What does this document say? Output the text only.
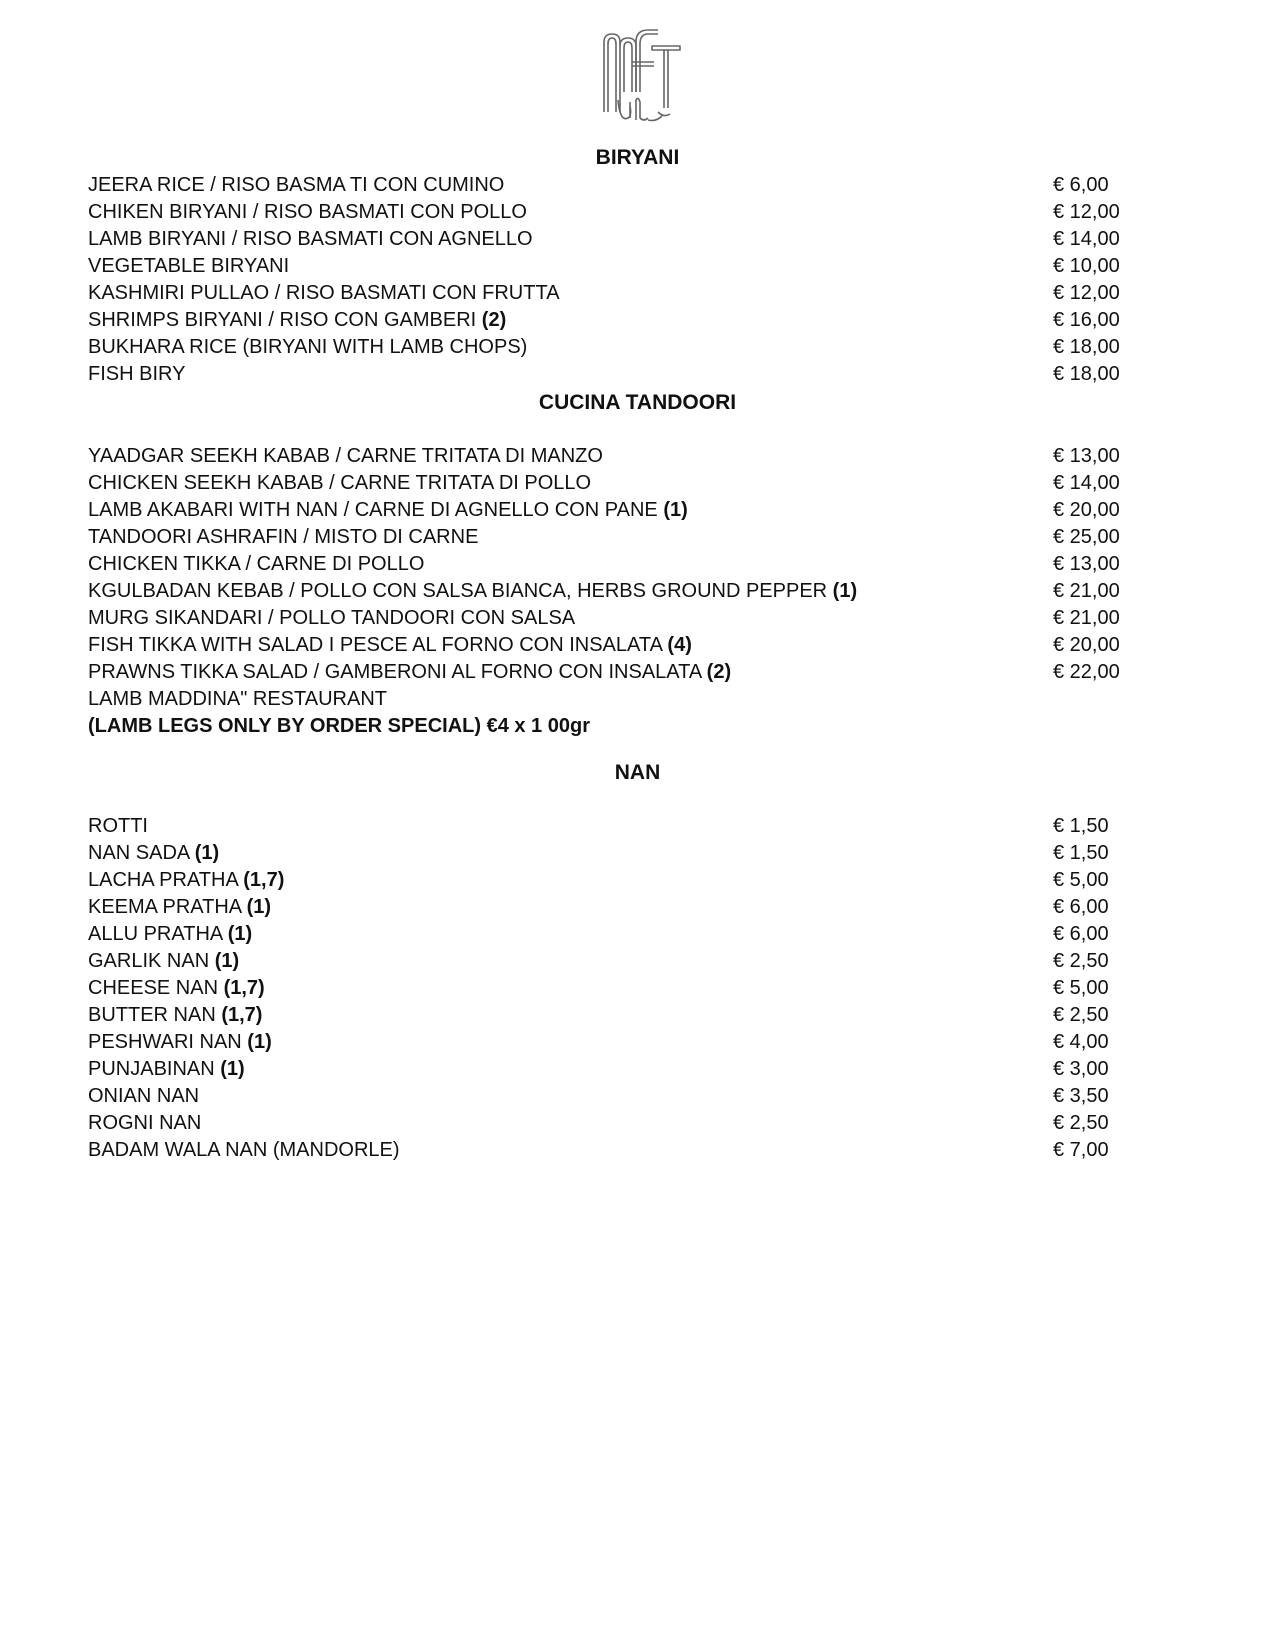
BIRYANI
JEERA RICE / RISO BASMA TI CON CUMINO	€ 6,00
CHIKEN BIRYANI / RISO BASMATI CON POLLO	€ 12,00
LAMB BIRYANI / RISO BASMATI CON AGNELLO	€ 14,00
VEGETABLE BIRYANI	€ 10,00
KASHMIRI PULLAO / RISO BASMATI CON FRUTTA	€ 12,00
SHRIMPS BIRYANI / RISO CON GAMBERI (2)	€ 16,00
BUKHARA RICE (BIRYANI WITH LAMB CHOPS)	€ 18,00
FISH BIRY	€ 18,00
CUCINA TANDOORI
YAADGAR SEEKH KABAB / CARNE TRITATA DI MANZO	€ 13,00
CHICKEN SEEKH KABAB / CARNE TRITATA DI POLLO	€ 14,00
LAMB AKABARI WITH NAN / CARNE DI AGNELLO CON PANE (1)	€ 20,00
TANDOORI ASHRAFIN / MISTO DI CARNE	€ 25,00
CHICKEN TIKKA / CARNE DI POLLO	€ 13,00
KGULBADAN KEBAB / POLLO CON SALSA BIANCA, HERBS GROUND PEPPER (1)	€ 21,00
MURG SIKANDARI / POLLO TANDOORI CON SALSA	€ 21,00
FISH TIKKA WITH SALAD I PESCE AL FORNO CON INSALATA (4)	€ 20,00
PRAWNS TIKKA SALAD / GAMBERONI AL FORNO CON INSALATA (2)	€ 22,00
LAMB MADDINA" RESTAURANT
(LAMB LEGS ONLY BY ORDER SPECIAL) €4 x 1 00gr
NAN
ROTTI	€ 1,50
NAN SADA (1)	€ 1,50
LACHA PRATHA (1,7)	€ 5,00
KEEMA PRATHA (1)	€ 6,00
ALLU PRATHA (1)	€ 6,00
GARLIK NAN (1)	€ 2,50
CHEESE NAN (1,7)	€ 5,00
BUTTER NAN (1,7)	€ 2,50
PESHWARI NAN (1)	€ 4,00
PUNJABINAN (1)	€ 3,00
ONIAN NAN	€ 3,50
ROGNI NAN	€ 2,50
BADAM WALA NAN (MANDORLE)	€ 7,00
